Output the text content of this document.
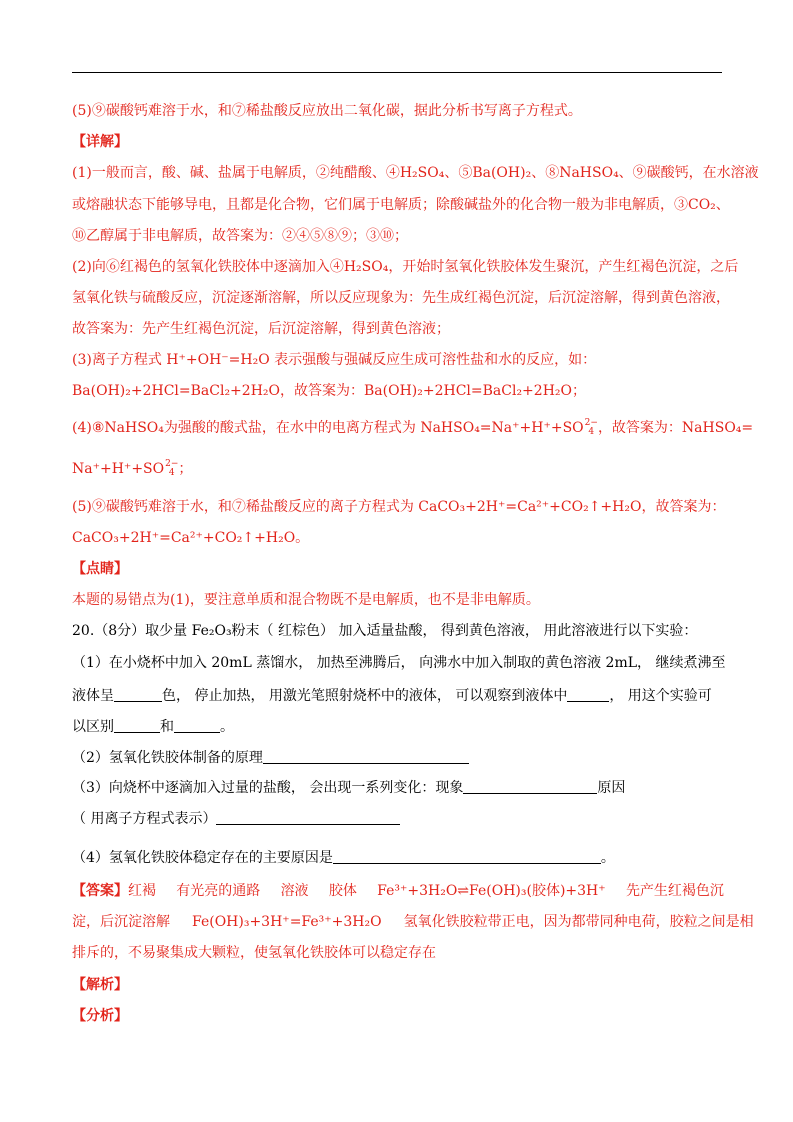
(5)⑨碳酸钙难溶于水，和⑦稀盐酸反应放出二氧化碳，据此分析书写离子方程式。
【详解】
(1)一般而言，酸、碱、盐属于电解质，②纯醋酸、④H₂SO₄、⑤Ba(OH)₂、⑧NaHSO₄、⑨碳酸钙，在水溶液
或熔融状态下能够导电，且都是化合物，它们属于电解质；除酸碱盐外的化合物一般为非电解质，③CO₂、
⑩乙醇属于非电解质，故答案为：②④⑤⑧⑨；③⑩；
(2)向⑥红褐色的氢氧化铁胶体中逐滴加入④H₂SO₄，开始时氢氧化铁胶体发生聚沉，产生红褐色沉淀，之后
氢氧化铁与硫酸反应，沉淀逐渐溶解，所以反应现象为：先生成红褐色沉淀，后沉淀溶解，得到黄色溶液，
故答案为：先产生红褐色沉淀，后沉淀溶解，得到黄色溶液；
(3)离子方程式 H⁺+OH⁻=H₂O 表示强酸与强碱反应生成可溶性盐和水的反应，如：
Ba(OH)₂+2HCl=BaCl₂+2H₂O，故答案为：Ba(OH)₂+2HCl=BaCl₂+2H₂O；
(4)⑧NaHSO₄为强酸的酸式盐，在水中的电离方程式为 NaHSO₄=Na⁺+H⁺+SO 2−
4 ，故答案为：NaHSO₄=
Na⁺+H⁺+SO 2−
4 ；
(5)⑨碳酸钙难溶于水，和⑦稀盐酸反应的离子方程式为 CaCO₃+2H⁺=Ca²⁺+CO₂↑+H₂O，故答案为：
CaCO₃+2H⁺=Ca²⁺+CO₂↑+H₂O。
【点睛】
本题的易错点为(1)，要注意单质和混合物既不是电解质，也不是非电解质。
20.（8分）取少量 Fe₂O₃粉末（ 红棕色） 加入适量盐酸， 得到黄色溶液， 用此溶液进行以下实验：
（1）在小烧杯中加入 20mL 蒸馏水， 加热至沸腾后， 向沸水中加入制取的黄色溶液 2mL， 继续煮沸至
液体呈	色， 停止加热， 用激光笔照射烧杯中的液体， 可以观察到液体中	， 用这个实验可
以区别	和	。
（2）氢氧化铁胶体制备的原理
（3）向烧杯中逐滴加入过量的盐酸， 会出现一系列变化：现象	原因
（ 用离子方程式表示）
（4）氢氧化铁胶体稳定存在的主要原因是	。
【答案】红褐 有光亮的通路 溶液 胶体 Fe³⁺+3H₂O⇌Fe(OH)₃(胶体)+3H⁺ 先产生红褐色沉
淀，后沉淀溶解 Fe(OH)₃+3H⁺=Fe³⁺+3H₂O 氢氧化铁胶粒带正电，因为都带同种电荷，胶粒之间是相
排斥的，不易聚集成大颗粒，使氢氧化铁胶体可以稳定存在
【解析】
【分析】
